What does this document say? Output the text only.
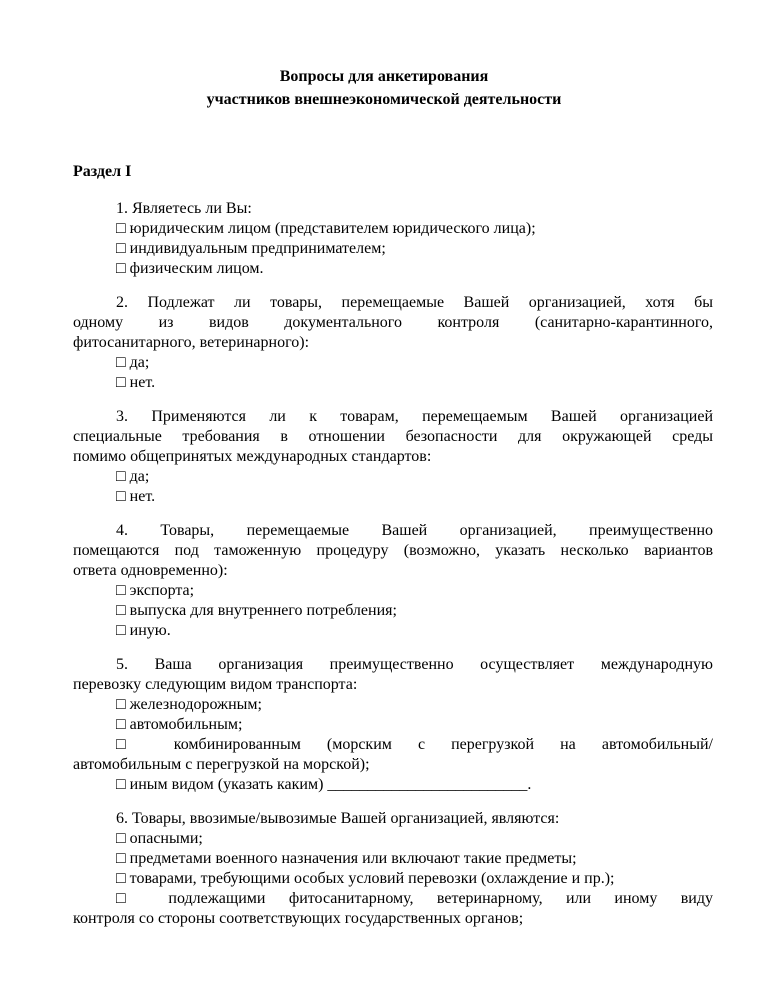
Вопросы для анкетирования
участников внешнеэкономической деятельности
Раздел I
1. Являетесь ли Вы:
□ юридическим лицом (представителем юридического лица);
□ индивидуальным предпринимателем;
□ физическим лицом.
2. Подлежат ли товары, перемещаемые Вашей организацией, хотя бы
одному из видов документального контроля (санитарно-карантинного,
фитосанитарного, ветеринарного):
□ да;
□ нет.
3. Применяются ли к товарам, перемещаемым Вашей организацией
специальные требования в отношении безопасности для окружающей среды
помимо общепринятых международных стандартов:
□ да;
□ нет.
4. Товары, перемещаемые Вашей организацией, преимущественно
помещаются под таможенную процедуру (возможно, указать несколько вариантов
ответа одновременно):
□ экспорта;
□ выпуска для внутреннего потребления;
□ иную.
5. Ваша организация преимущественно осуществляет международную
перевозку следующим видом транспорта:
□ железнодорожным;
□ автомобильным;
□ комбинированным (морским с перегрузкой на автомобильный/
автомобильным с перегрузкой на морской);
□ иным видом (указать каким) _________________________.
6. Товары, ввозимые/вывозимые Вашей организацией, являются:
□ опасными;
□ предметами военного назначения или включают такие предметы;
□ товарами, требующими особых условий перевозки (охлаждение и пр.);
□ подлежащими фитосанитарному, ветеринарному, или иному виду
контроля со стороны соответствующих государственных органов;
